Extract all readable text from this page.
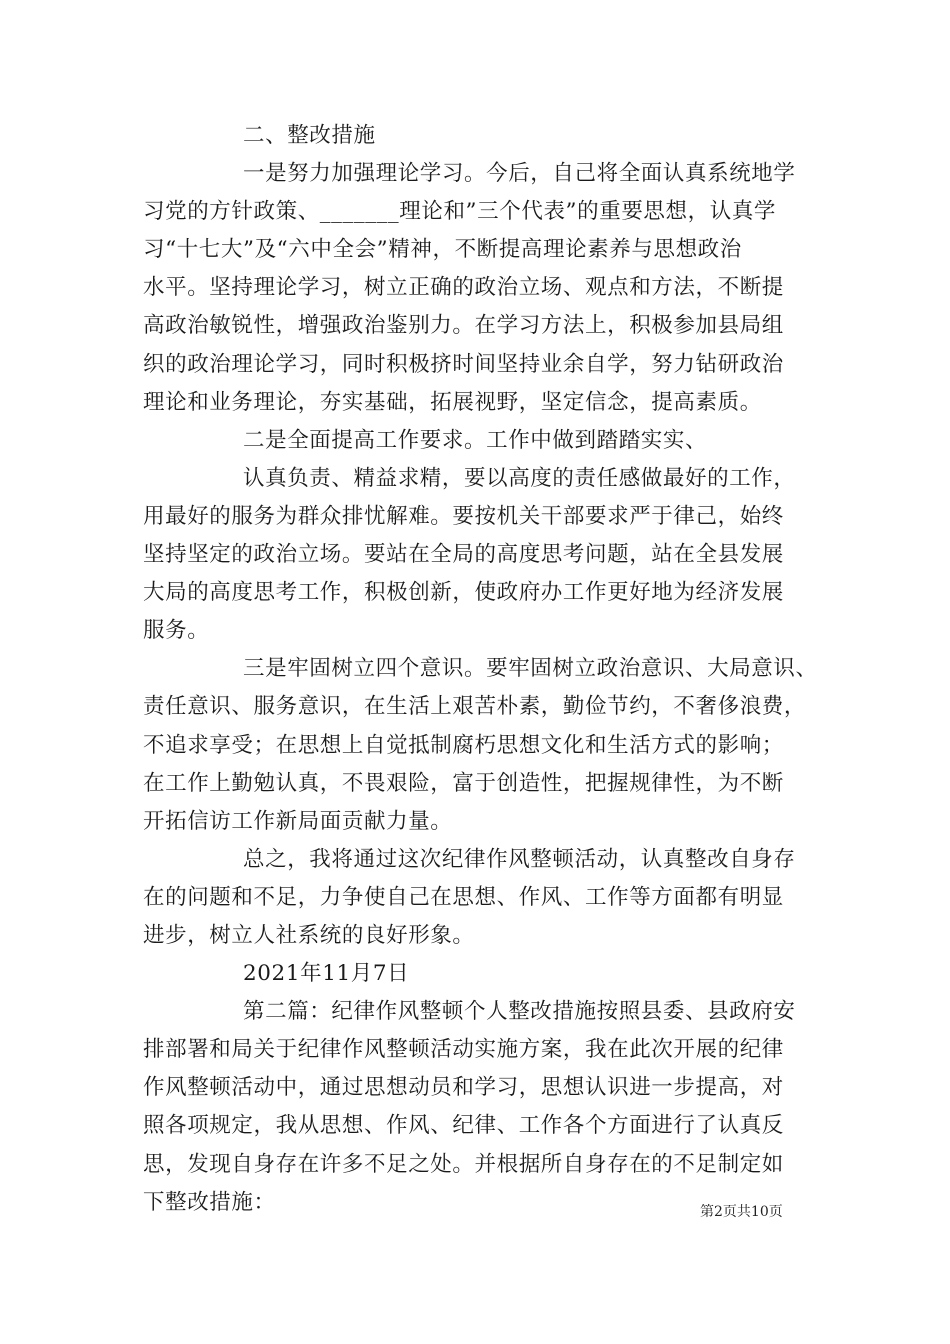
二、整改措施
一是努力加强理论学习。今后，自己将全面认真系统地学
习党的方针政策、_______理论和”三个代表”的重要思想，认真学
习“十七大”及“六中全会”精神，不断提高理论素养与思想政治
水平。坚持理论学习，树立正确的政治立场、观点和方法，不断提
高政治敏锐性，增强政治鉴别力。在学习方法上，积极参加县局组
织的政治理论学习，同时积极挤时间坚持业余自学，努力钻研政治
理论和业务理论，夯实基础，拓展视野，坚定信念，提高素质。
二是全面提高工作要求。工作中做到踏踏实实、
认真负责、精益求精，要以高度的责任感做最好的工作，
用最好的服务为群众排忧解难。要按机关干部要求严于律己，始终
坚持坚定的政治立场。要站在全局的高度思考问题，站在全县发展
大局的高度思考工作，积极创新，使政府办工作更好地为经济发展
服务。
三是牢固树立四个意识。要牢固树立政治意识、大局意识、
责任意识、服务意识，在生活上艰苦朴素，勤俭节约，不奢侈浪费，
不追求享受；在思想上自觉抵制腐朽思想文化和生活方式的影响；
在工作上勤勉认真，不畏艰险，富于创造性，把握规律性，为不断
开拓信访工作新局面贡献力量。
总之，我将通过这次纪律作风整顿活动，认真整改自身存
在的问题和不足，力争使自己在思想、作风、工作等方面都有明显
进步，树立人社系统的良好形象。
2021年11月7日
第二篇：纪律作风整顿个人整改措施按照县委、县政府安
排部署和局关于纪律作风整顿活动实施方案，我在此次开展的纪律
作风整顿活动中，通过思想动员和学习，思想认识进一步提高，对
照各项规定，我从思想、作风、纪律、工作各个方面进行了认真反
思，发现自身存在许多不足之处。并根据所自身存在的不足制定如
下整改措施：	第2页共10页
